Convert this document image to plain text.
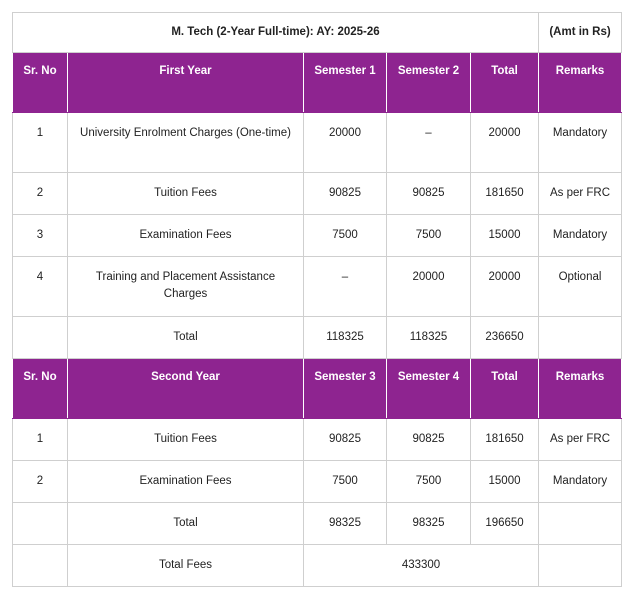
M. Tech (2-Year Full-time): AY: 2025-26					(Amt in Rs)
Sr. No	First Year	Semester 1	Semester 2	Total	Remarks
1	University Enrolment Charges (One-time)	20000	–	20000	Mandatory
2	Tuition Fees	90825	90825	181650	As per FRC
3	Examination Fees	7500	7500	15000	Mandatory
4	Training and Placement Assistance Charges	–	20000	20000	Optional
	Total	118325	118325	236650	
Sr. No	Second Year	Semester 3	Semester 4	Total	Remarks
1	Tuition Fees	90825	90825	181650	As per FRC
2	Examination Fees	7500	7500	15000	Mandatory
	Total	98325	98325	196650	
	Total Fees	433300			
